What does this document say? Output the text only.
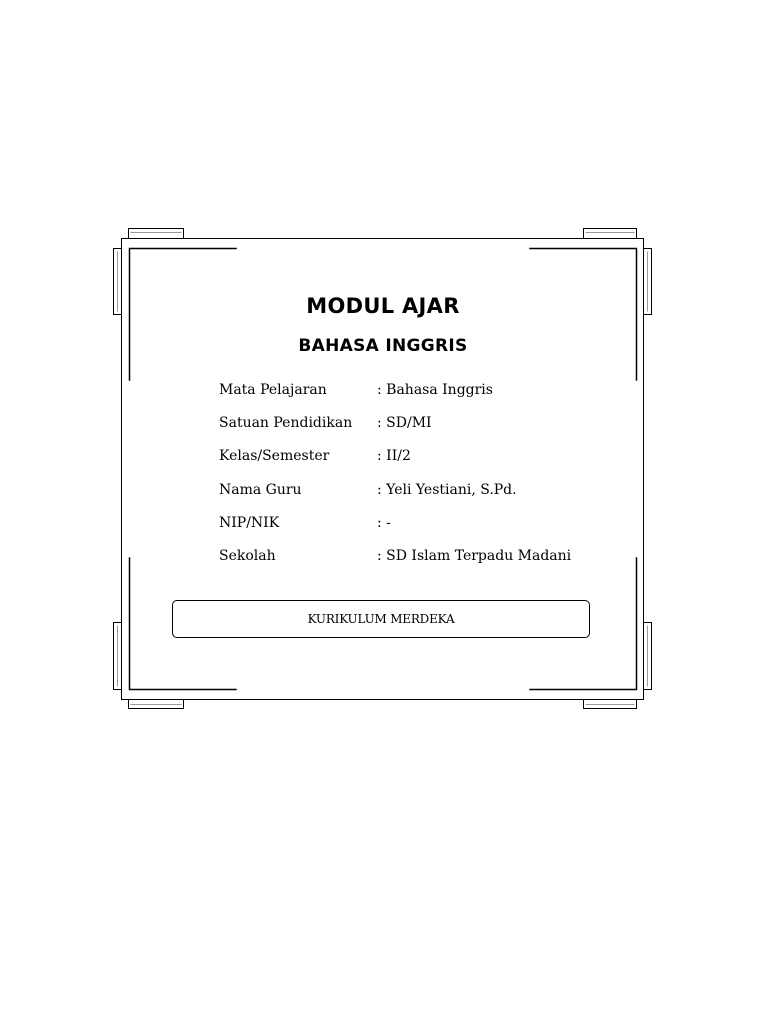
MODUL AJAR
BAHASA INGGRIS
Mata Pelajaran	: Bahasa Inggris
Satuan Pendidikan	: SD/MI
Kelas/Semester	: II/2
Nama Guru	: Yeli Yestiani, S.Pd.
NIP/NIK	: -
Sekolah	: SD Islam Terpadu Madani
KURIKULUM MERDEKA
